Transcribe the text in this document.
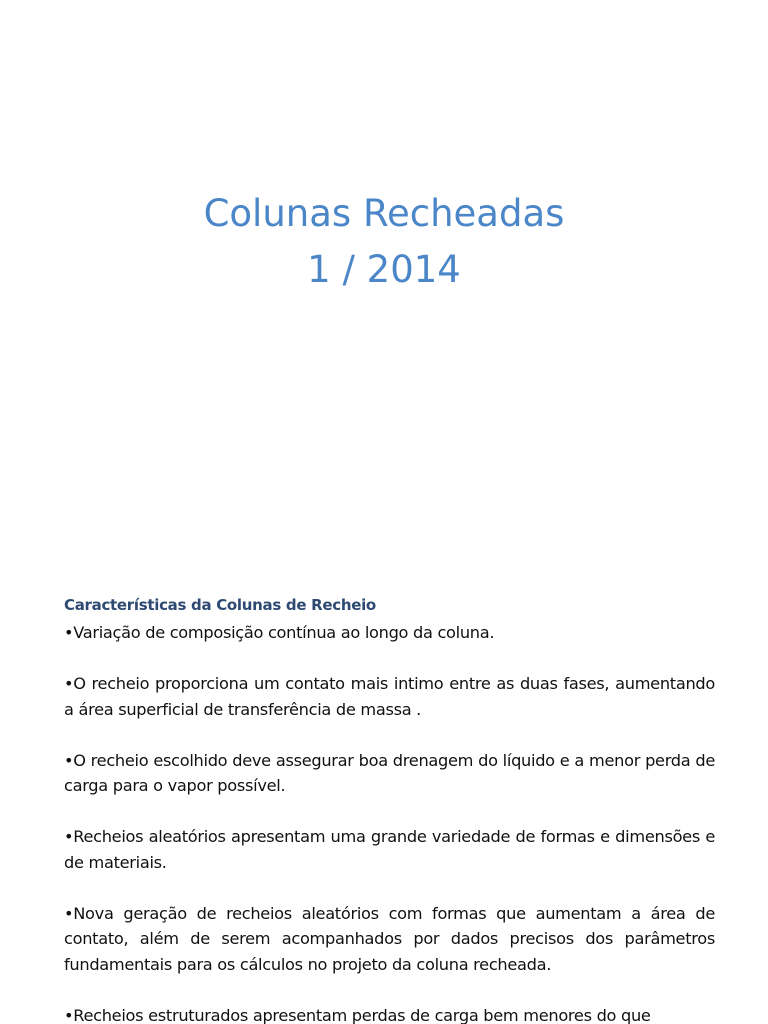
Colunas Recheadas
1 / 2014
Características da Colunas de Recheio

•Variação de composição contínua ao longo da coluna.

•O recheio proporciona um contato mais intimo entre as duas fases, aumentando a área superficial de transferência de massa .

•O recheio escolhido deve assegurar boa drenagem do líquido e a menor perda de carga para o vapor possível.

•Recheios aleatórios apresentam uma grande variedade de formas e dimensões e de materiais.

•Nova geração de recheios aleatórios com formas que aumentam a área de contato, além de serem acompanhados por dados precisos dos parâmetros fundamentais para os cálculos no projeto da coluna recheada.

•Recheios estruturados apresentam perdas de carga bem menores do que
